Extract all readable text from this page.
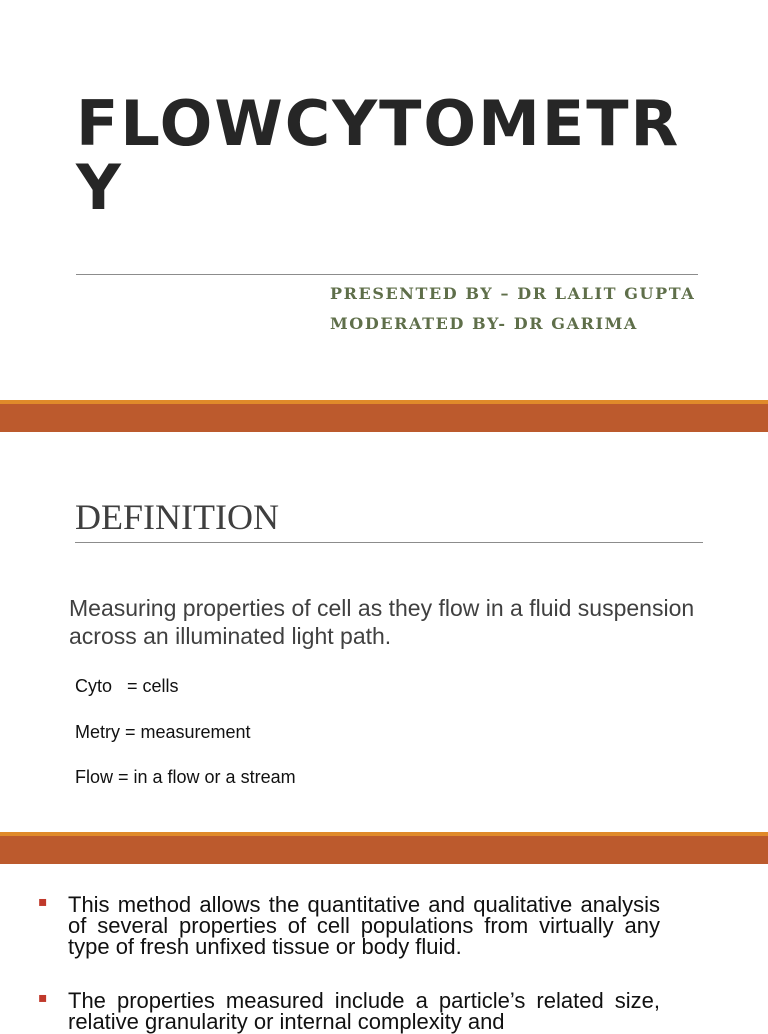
FLOWCYTOMETRY
PRESENTED BY – DR LALIT GUPTA
MODERATED BY- DR GARIMA
DEFINITION
Measuring properties of cell as they flow in a fluid suspension across an illuminated light path.
Cyto   = cells
Metry = measurement
Flow = in a flow or a stream
▪ This method allows the quantitative and qualitative analysis of several properties of cell populations from virtually any type of fresh unfixed tissue or body fluid.

▪ The properties measured include a particle’s related size, relative granularity or internal complexity and
